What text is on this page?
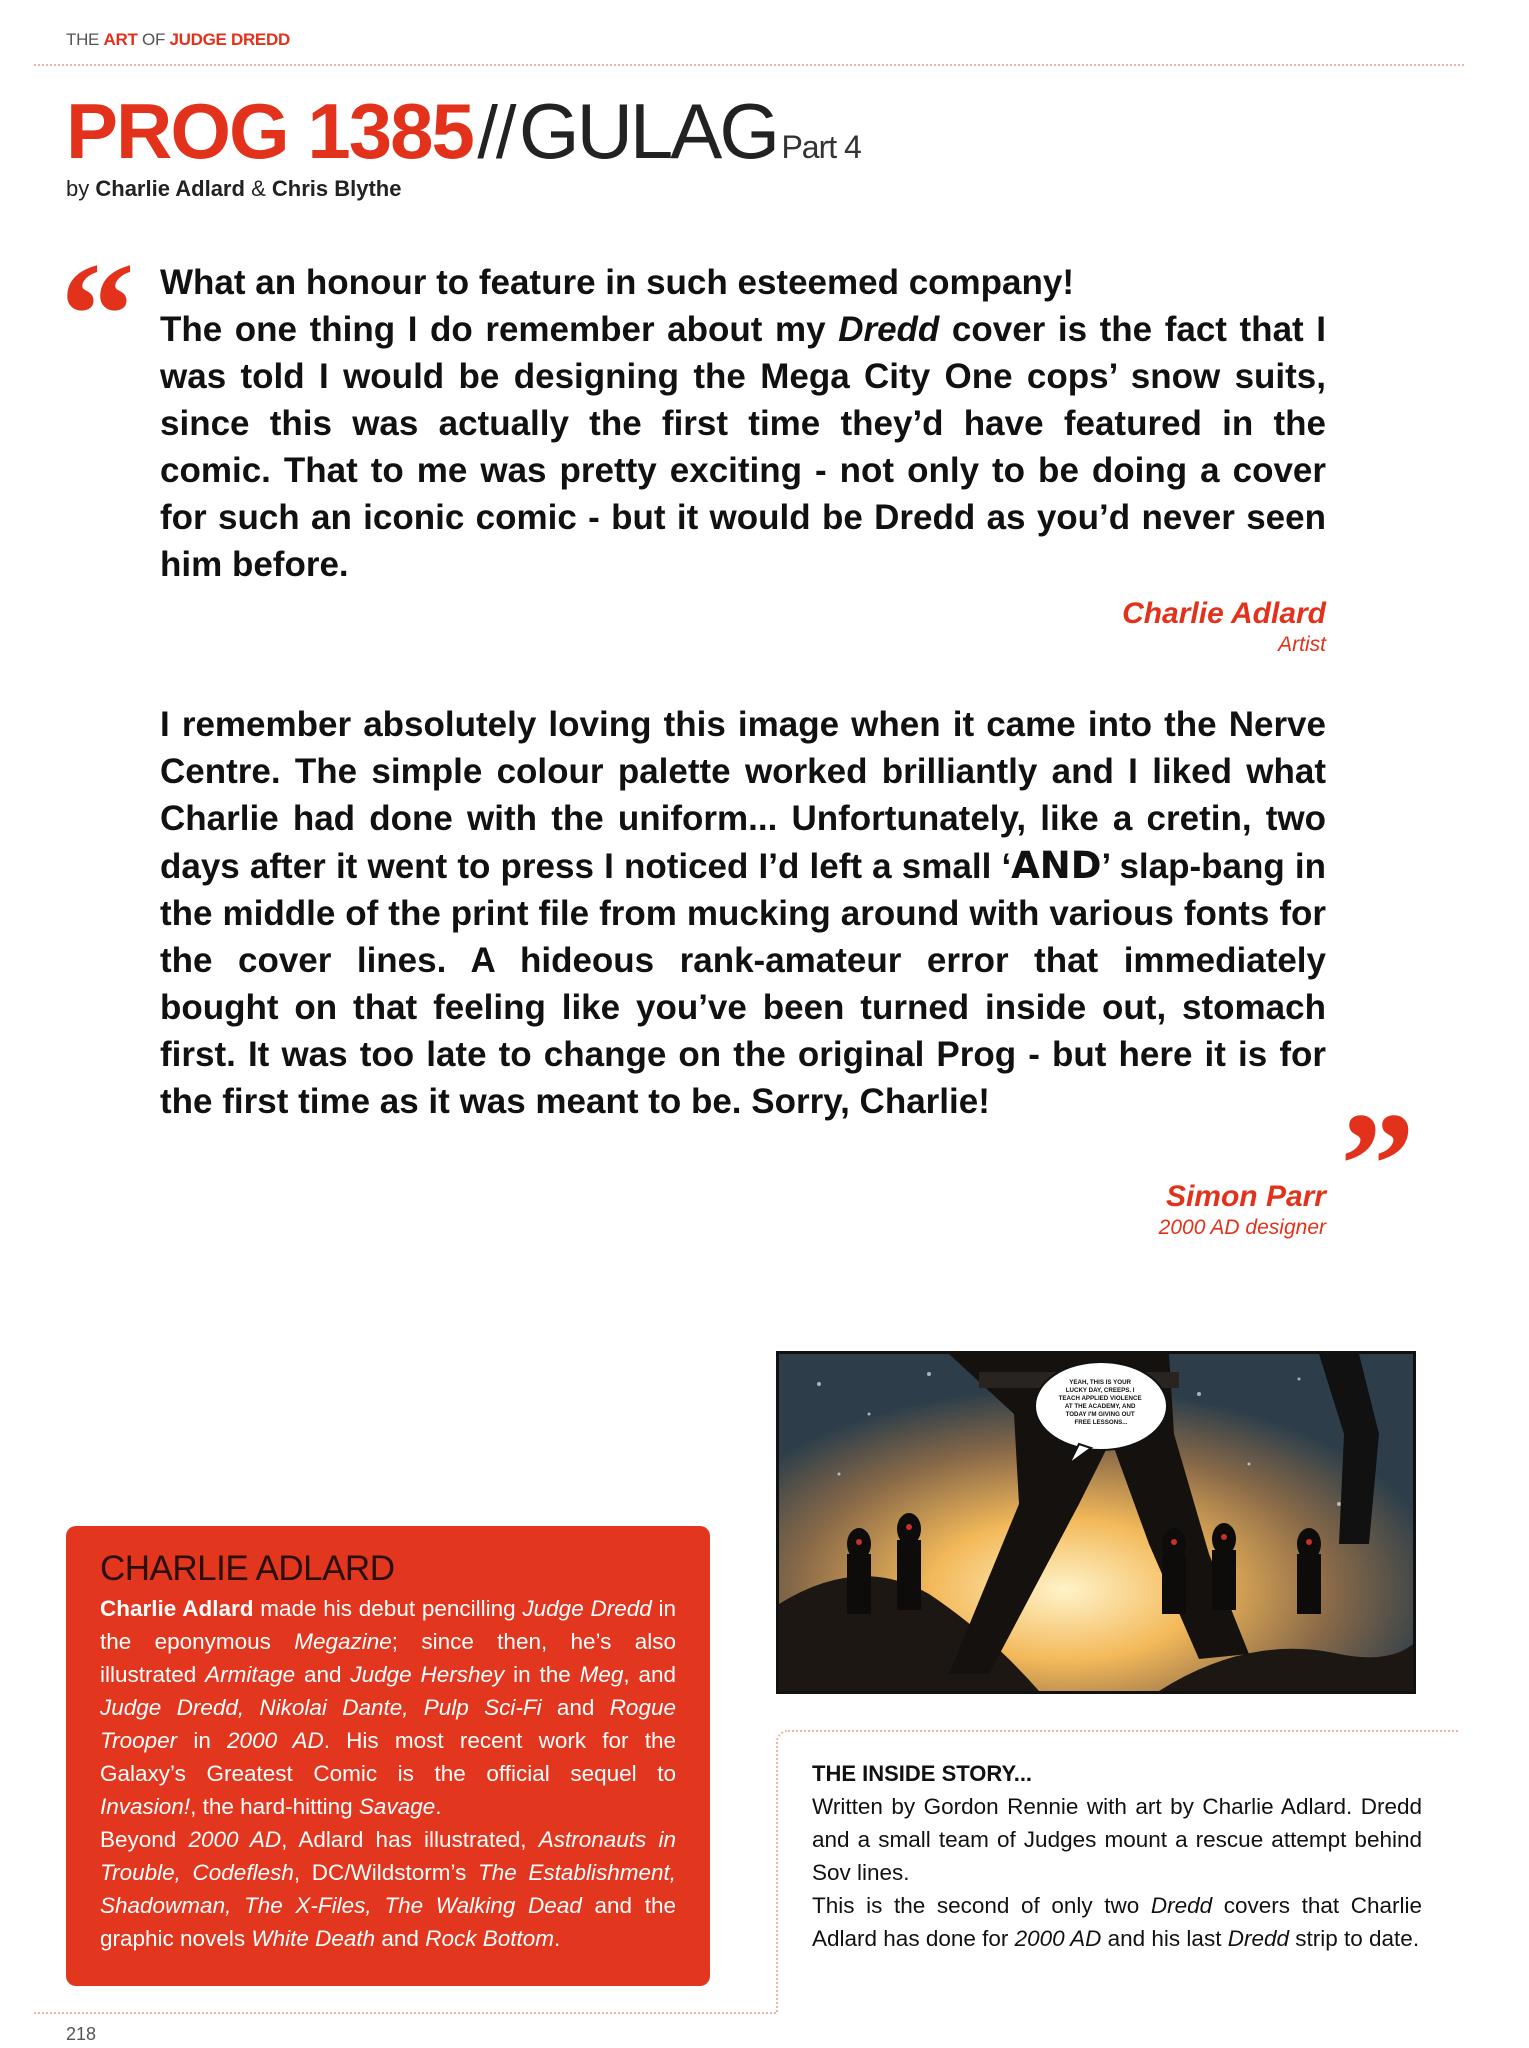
THE ART OF JUDGE DREDD
PROG 1385 // GULAG Part 4
by Charlie Adlard & Chris Blythe
“ What an honour to feature in such esteemed company!

The one thing I do remember about my Dredd cover is the fact that I was told I would be designing the Mega City One cops’ snow suits, since this was actually the first time they’d have featured in the comic. That to me was pretty exciting - not only to be doing a cover for such an iconic comic - but it would be Dredd as you’d never seen him before.

Charlie Adlard
Artist

I remember absolutely loving this image when it came into the Nerve Centre. The simple colour palette worked brilliantly and I liked what Charlie had done with the uniform... Unfortunately, like a cretin, two days after it went to press I noticed I’d left a small ‘AND’ slap-bang in the middle of the print file from mucking around with various fonts for the cover lines. A hideous rank-amateur error that immediately bought on that feeling like you’ve been turned inside out, stomach first. It was too late to change on the original Prog - but here it is for the first time as it was meant to be. Sorry, Charlie!	”
Simon Parr
2000 AD designer
CHARLIE ADLARD

Charlie Adlard made his debut pencilling Judge Dredd in the eponymous Megazine; since then, he’s also illustrated Armitage and Judge Hershey in the Meg, and Judge Dredd, Nikolai Dante, Pulp Sci-Fi and Rogue Trooper in 2000 AD. His most recent work for the Galaxy’s Greatest Comic is the official sequel to Invasion!, the hard-hitting Savage.

Beyond 2000 AD, Adlard has illustrated, Astronauts in Trouble, Codeflesh, DC/Wildstorm’s The Establishment, Shadowman, The X-Files, The Walking Dead and the graphic novels White Death and Rock Bottom.

YEAH, THIS IS YOUR LUCKY DAY, CREEPS. I TEACH APPLIED VIOLENCE AT THE ACADEMY, AND TODAY I'M GIVING OUT FREE LESSONS...
THE INSIDE STORY...

Written by Gordon Rennie with art by Charlie Adlard. Dredd and a small team of Judges mount a rescue attempt behind Sov lines.

This is the second of only two Dredd covers that Charlie Adlard has done for 2000 AD and his last Dredd strip to date.

218
